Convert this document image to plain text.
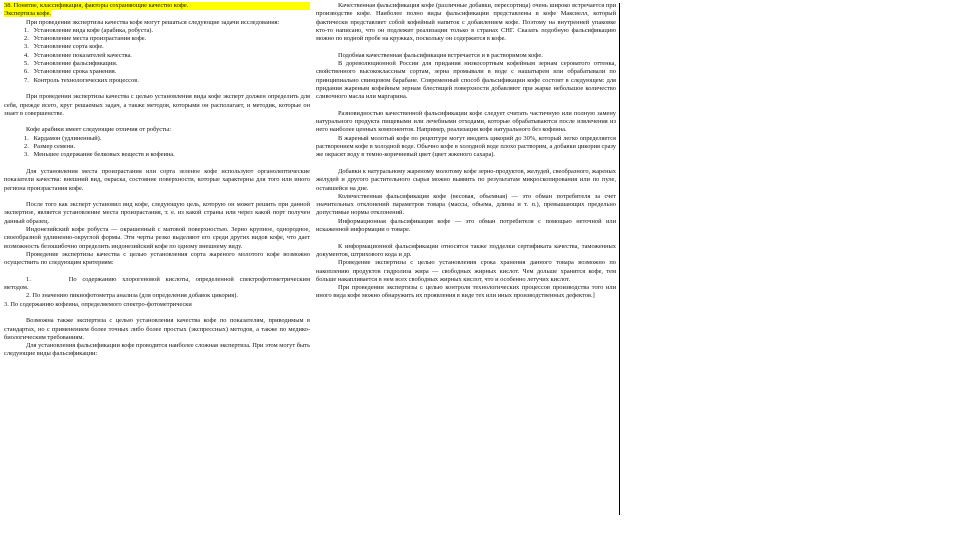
38. Понятие, классификация, факторы сохраняющие качество кофе.
Экспертиза кофе.

При проведении экспертизы качества кофе могут решаться следующие задачи исследования:

1. Установление вида кофе (арабика, робуста).

2. Установление места произрастания кофе.

3. Установление сорта кофе.

4. Установление показателей качества.

5. Установление фальсификации.

6. Установление срока хранения.

7. Контроль технологических процессов.

При проведении экспертизы качества с целью установления вида кофе эксперт должен определить для себя, прежде всего, круг решаемых задач, а также методов, которыми он располагает, и методик, которые он знает в совершенстве.

Кофе арабики имеет следующие отличия от робусты:

1. Кардамон (удлиненный).

2. Размер семени.

3. Меньшее содержание белковых веществ и кофеина.

Для установления места произрастания или сорта зеленое кофе используют органолептические показатели качества: внешний вид, окраска, состояние поверхности, которые характерны для того или иного региона произрастания кофе.

После того как эксперт установил вид кофе, следующую цель, которую он может решить при данной экспертизе, является установление места произрастания, т. е. из какой страны или через какой порт получен данный образец.

Индонезийский кофе робуста — окрашенный с матовой поверхностью. Зерно крупное, однородное, своеобразной удлиненно-округлой формы. Эти черты резко выделяют его среди других видов кофе, что дает возможность безошибочно определить индонезийский кофе по одному внешнему виду.

Проведение экспертизы качества с целью установления сорта жареного молотого кофе возможно осуществить по следующим критериям:

1.	По содержанию хлорогеновой кислоты, определенной спектрофотометрическим методом.

2. По значению пикнофотометра анализа (для определения добавок цикория).

3. По содержанию кофеина, определяемого спектро-фотометрически

Возможна также экспертиза с целью установления качества кофе по показателям, приводимым в стандартах, но с применением более точных либо более простых (экспрессных) методов, а также по медико-биологическим требованиям.

Для установления фальсификации кофе проводится наиболее сложная экспертиза. При этом могут быть следующие виды фальсификации:

Качественная фальсификация кофе (различные добавки, пересортица) очень широко встречается при производстве кофе. Наиболее полно виды фальсификации представлены в кофе Максвелл, который фактически представляет собой кофейный напиток с добавлением кофе. Поэтому на внутренней упаковке кто-то написано, что он подлежит реализации только в странах СНГ. Сказать подобную фальсификацию можно по водной пробе на кружках, поскольку он содержится в кофе.

Подобная качественная фальсификация встречается и в растворимом кофе.

В дореволюционной России для придания низкосортным кофейным зернам сероватого оттенка, свойственного высококлассным сортам, зерна промывали в воде с нашатырем или обрабатывали по принципиально свинцовом барабане. Современный способ фальсификации кофе состоит в следующем: для придания жареным кофейным зернам блестящей поверхности добавляют при жарке небольшое количество сливочного масла или маргарина.

Разновидностью качественной фальсификации кофе следует считать частичную или полную замену натурального продукта пищевыми или лечебными отходами, которые обрабатываются после извлечения из него наиболее ценных компонентов. Например, реализация кофе натурального без кофеина.

В жареный молотый кофе по рецептуре могут вводить цикорий до 30%, который легко определяется растворением кофе в холодной воде. Обычно кофе в холодной воде плохо растворим, а добавки цикория сразу же окрасят воду в темно-коричневый цвет (цвет жженого сахара).

Добавки к натуральному жареному молотому кофе зерно-продуктов, желудей, свеобразного, жареных желудей и другого растительного сырья можно выявить по результатам микроскопирования или по пуле, оставшейся на дне.

Количественная фальсификация кофе (весовая, объемная) — это обман потребителя за счет значительных отклонений параметров товара (массы, объема, длины и т. п.), превышающих предельно допустимые нормы отклонений.

Информационная фальсификация кофе — это обман потребителя с помощью неточной или искаженной информации о товаре.

К информационной фальсификации относятся также подделки сертификата качества, таможенных документов, штрихового кода и др.

Проведение экспертизы с целью установления срока хранения данного товара возможно по накоплению продуктов гидролиза жира — свободных жирных кислот. Чем дольше хранится кофе, тем больше накапливается в нем всех свободных жирных кислот, что и особенно летучих кислот.

При проведении экспертизы с целью контроля технологических процессов производства того или иного вида кофе можно обнаружить их проявления в виде тех или иных производственных дефектов.]
